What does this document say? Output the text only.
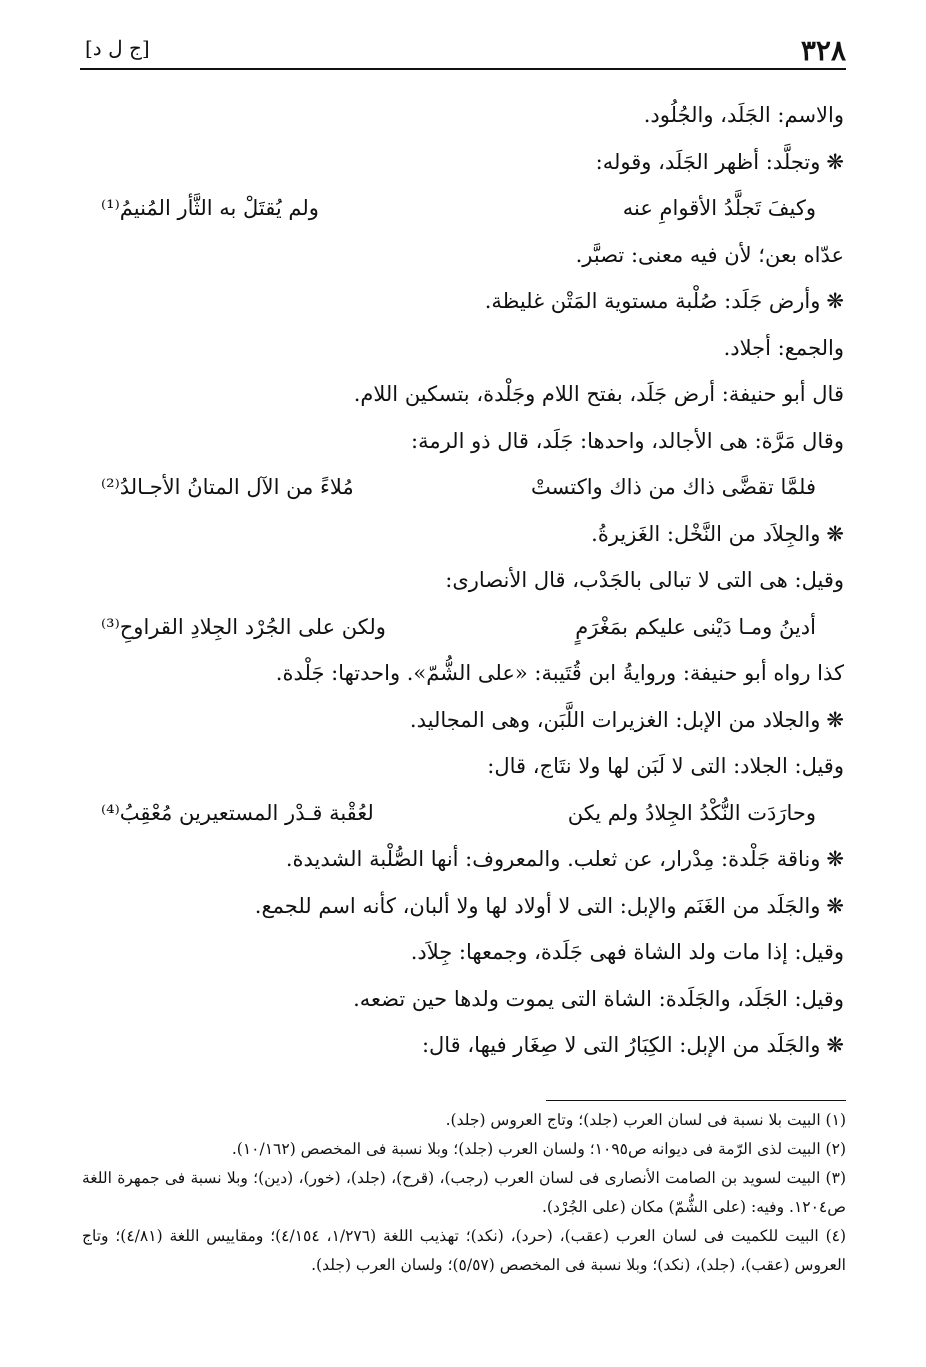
٣٢٨
[ج ل د]
والاسم: الجَلَد، والجُلُود.
❋وتجلَّد: أظهر الجَلَد، وقوله:
وكيفَ تَجلَّدُ الأقوامِ عنه
ولم يُقتَلْ به الثَّأر المُنيمُ⁽¹⁾
عدّاه بعن؛ لأن فيه معنى: تصبَّر.
❋وأرض جَلَد: صُلْبة مستوية المَتْن غليظة.
والجمع: أجلاد.
قال أبو حنيفة: أرض جَلَد، بفتح اللام وجَلْدة، بتسكين اللام.
وقال مَرَّة: هى الأجالد، واحدها: جَلَد، قال ذو الرمة:
فلمَّا تقضَّى ذاك من ذاك واكتستْ
مُلاءً من الآل المتانُ الأجـالدُ⁽²⁾
❋والجِلاَد من النَّخْل: الغَزيرةُ.
وقيل: هى التى لا تبالى بالجَدْب، قال الأنصارى:
أدينُ ومـا دَيْنى عليكم بمَغْرَمٍ
ولكن على الجُرْد الجِلادِ القراوحِ⁽³⁾
كذا رواه أبو حنيفة: وروايةُ ابن قُتَيبة: «على الشُّمّ». واحدتها: جَلْدة.
❋والجلاد من الإبل: الغزيرات اللَّبَن، وهى المجاليد.
وقيل: الجلاد: التى لا لَبَن لها ولا نتَاج، قال:
وحارَدَت النُّكْدُ الجِلادُ ولم يكن
لعُقْبة قـدْر المستعيرين مُعْقِبُ⁽⁴⁾
❋وناقة جَلْدة: مِدْرار، عن ثعلب. والمعروف: أنها الصُّلْبة الشديدة.
❋والجَلَد من الغَنَم والإبل: التى لا أولاد لها ولا ألبان، كأنه اسم للجمع.
وقيل: إذا مات ولد الشاة فهى جَلَدة، وجمعها: جِلاَد.
وقيل: الجَلَد، والجَلَدة: الشاة التى يموت ولدها حين تضعه.
❋والجَلَد من الإبل: الكِبَارُ التى لا صِغَار فيها، قال:
(١) البيت بلا نسبة فى لسان العرب (جلد)؛ وتاج العروس (جلد).
(٢) البيت لذى الرّمة فى ديوانه ص١٠٩٥؛ ولسان العرب (جلد)؛ وبلا نسبة فى المخصص (١٠/١٦٢).
(٣) البيت لسويد بن الصامت الأنصارى فى لسان العرب (رجب)، (قرح)، (جلد)، (خور)، (دين)؛ وبلا نسبة فى جمهرة اللغة ص١٢٠٤. وفيه: (على الشُّمّ) مكان (على الجُرْد).
(٤) البيت للكميت فى لسان العرب (عقب)، (حرد)، (نكد)؛ تهذيب اللغة (١/٢٧٦، ٤/١٥٤)؛ ومقاييس اللغة (٤/٨١)؛ وتاج العروس (عقب)، (جلد)، (نكد)؛ وبلا نسبة فى المخصص (٥/٥٧)؛ ولسان العرب (جلد).
